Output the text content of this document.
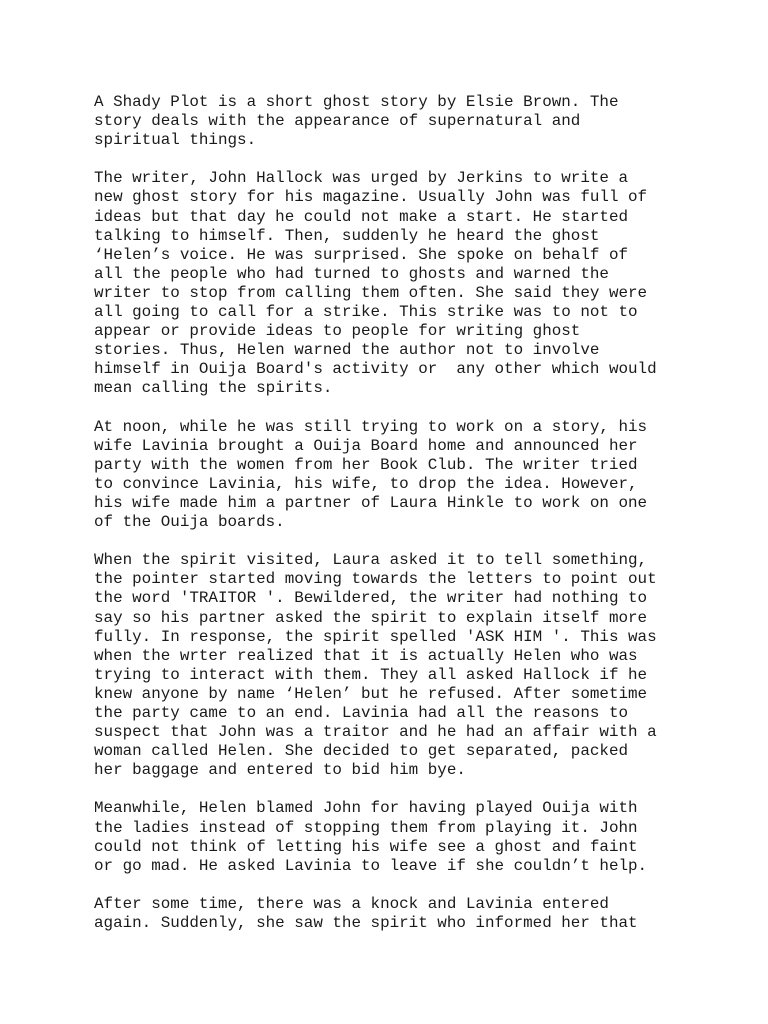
A Shady Plot is a short ghost story by Elsie Brown. The
story deals with the appearance of supernatural and
spiritual things.
The writer, John Hallock was urged by Jerkins to write a
new ghost story for his magazine. Usually John was full of
ideas but that day he could not make a start. He started
talking to himself. Then, suddenly he heard the ghost
‘Helen’s voice. He was surprised. She spoke on behalf of
all the people who had turned to ghosts and warned the
writer to stop from calling them often. She said they were
all going to call for a strike. This strike was to not to
appear or provide ideas to people for writing ghost
stories. Thus, Helen warned the author not to involve
himself in Ouija Board's activity or  any other which would
mean calling the spirits.
At noon, while he was still trying to work on a story, his
wife Lavinia brought a Ouija Board home and announced her
party with the women from her Book Club. The writer tried
to convince Lavinia, his wife, to drop the idea. However,
his wife made him a partner of Laura Hinkle to work on one
of the Ouija boards.
When the spirit visited, Laura asked it to tell something,
the pointer started moving towards the letters to point out
the word 'TRAITOR '. Bewildered, the writer had nothing to
say so his partner asked the spirit to explain itself more
fully. In response, the spirit spelled 'ASK HIM '. This was
when the wrter realized that it is actually Helen who was
trying to interact with them. They all asked Hallock if he
knew anyone by name ‘Helen’ but he refused. After sometime
the party came to an end. Lavinia had all the reasons to
suspect that John was a traitor and he had an affair with a
woman called Helen. She decided to get separated, packed
her baggage and entered to bid him bye.
Meanwhile, Helen blamed John for having played Ouija with
the ladies instead of stopping them from playing it. John
could not think of letting his wife see a ghost and faint
or go mad. He asked Lavinia to leave if she couldn’t help.
After some time, there was a knock and Lavinia entered
again. Suddenly, she saw the spirit who informed her that
